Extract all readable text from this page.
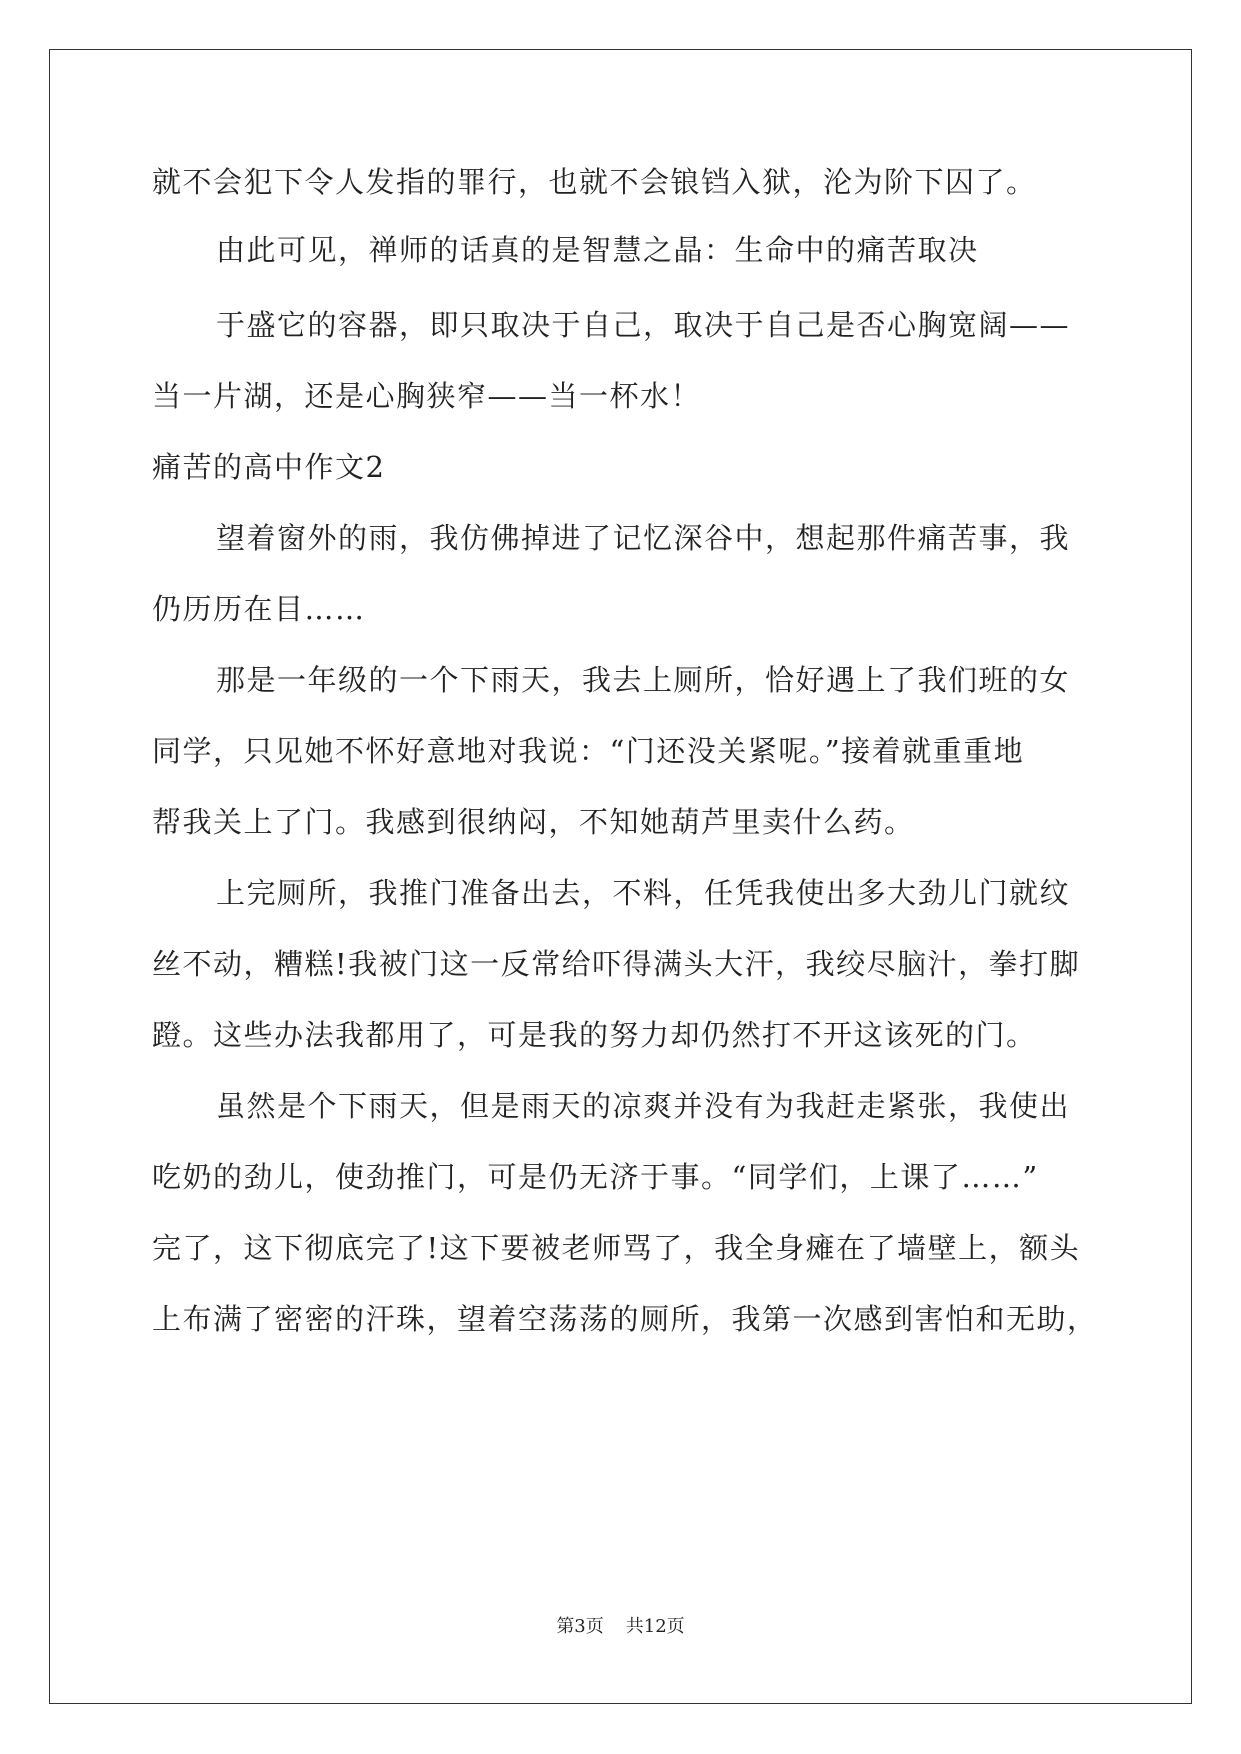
就不会犯下令人发指的罪行，也就不会锒铛入狱，沦为阶下囚了。
由此可见，禅师的话真的是智慧之晶：生命中的痛苦取决
于盛它的容器，即只取决于自己，取决于自己是否心胸宽阔——
当一片湖，还是心胸狭窄——当一杯水！
痛苦的高中作文2
望着窗外的雨，我仿佛掉进了记忆深谷中，想起那件痛苦事，我
仍历历在目……
那是一年级的一个下雨天，我去上厕所，恰好遇上了我们班的女
同学，只见她不怀好意地对我说：“门还没关紧呢。”接着就重重地
帮我关上了门。我感到很纳闷，不知她葫芦里卖什么药。
上完厕所，我推门准备出去，不料，任凭我使出多大劲儿门就纹
丝不动，糟糕!我被门这一反常给吓得满头大汗，我绞尽脑汁，拳打脚
蹬。这些办法我都用了，可是我的努力却仍然打不开这该死的门。
虽然是个下雨天，但是雨天的凉爽并没有为我赶走紧张，我使出
吃奶的劲儿，使劲推门，可是仍无济于事。“同学们，上课了……”
完了，这下彻底完了!这下要被老师骂了，我全身瘫在了墙壁上，额头
上布满了密密的汗珠，望着空荡荡的厕所，我第一次感到害怕和无助，
第3页 共12页
